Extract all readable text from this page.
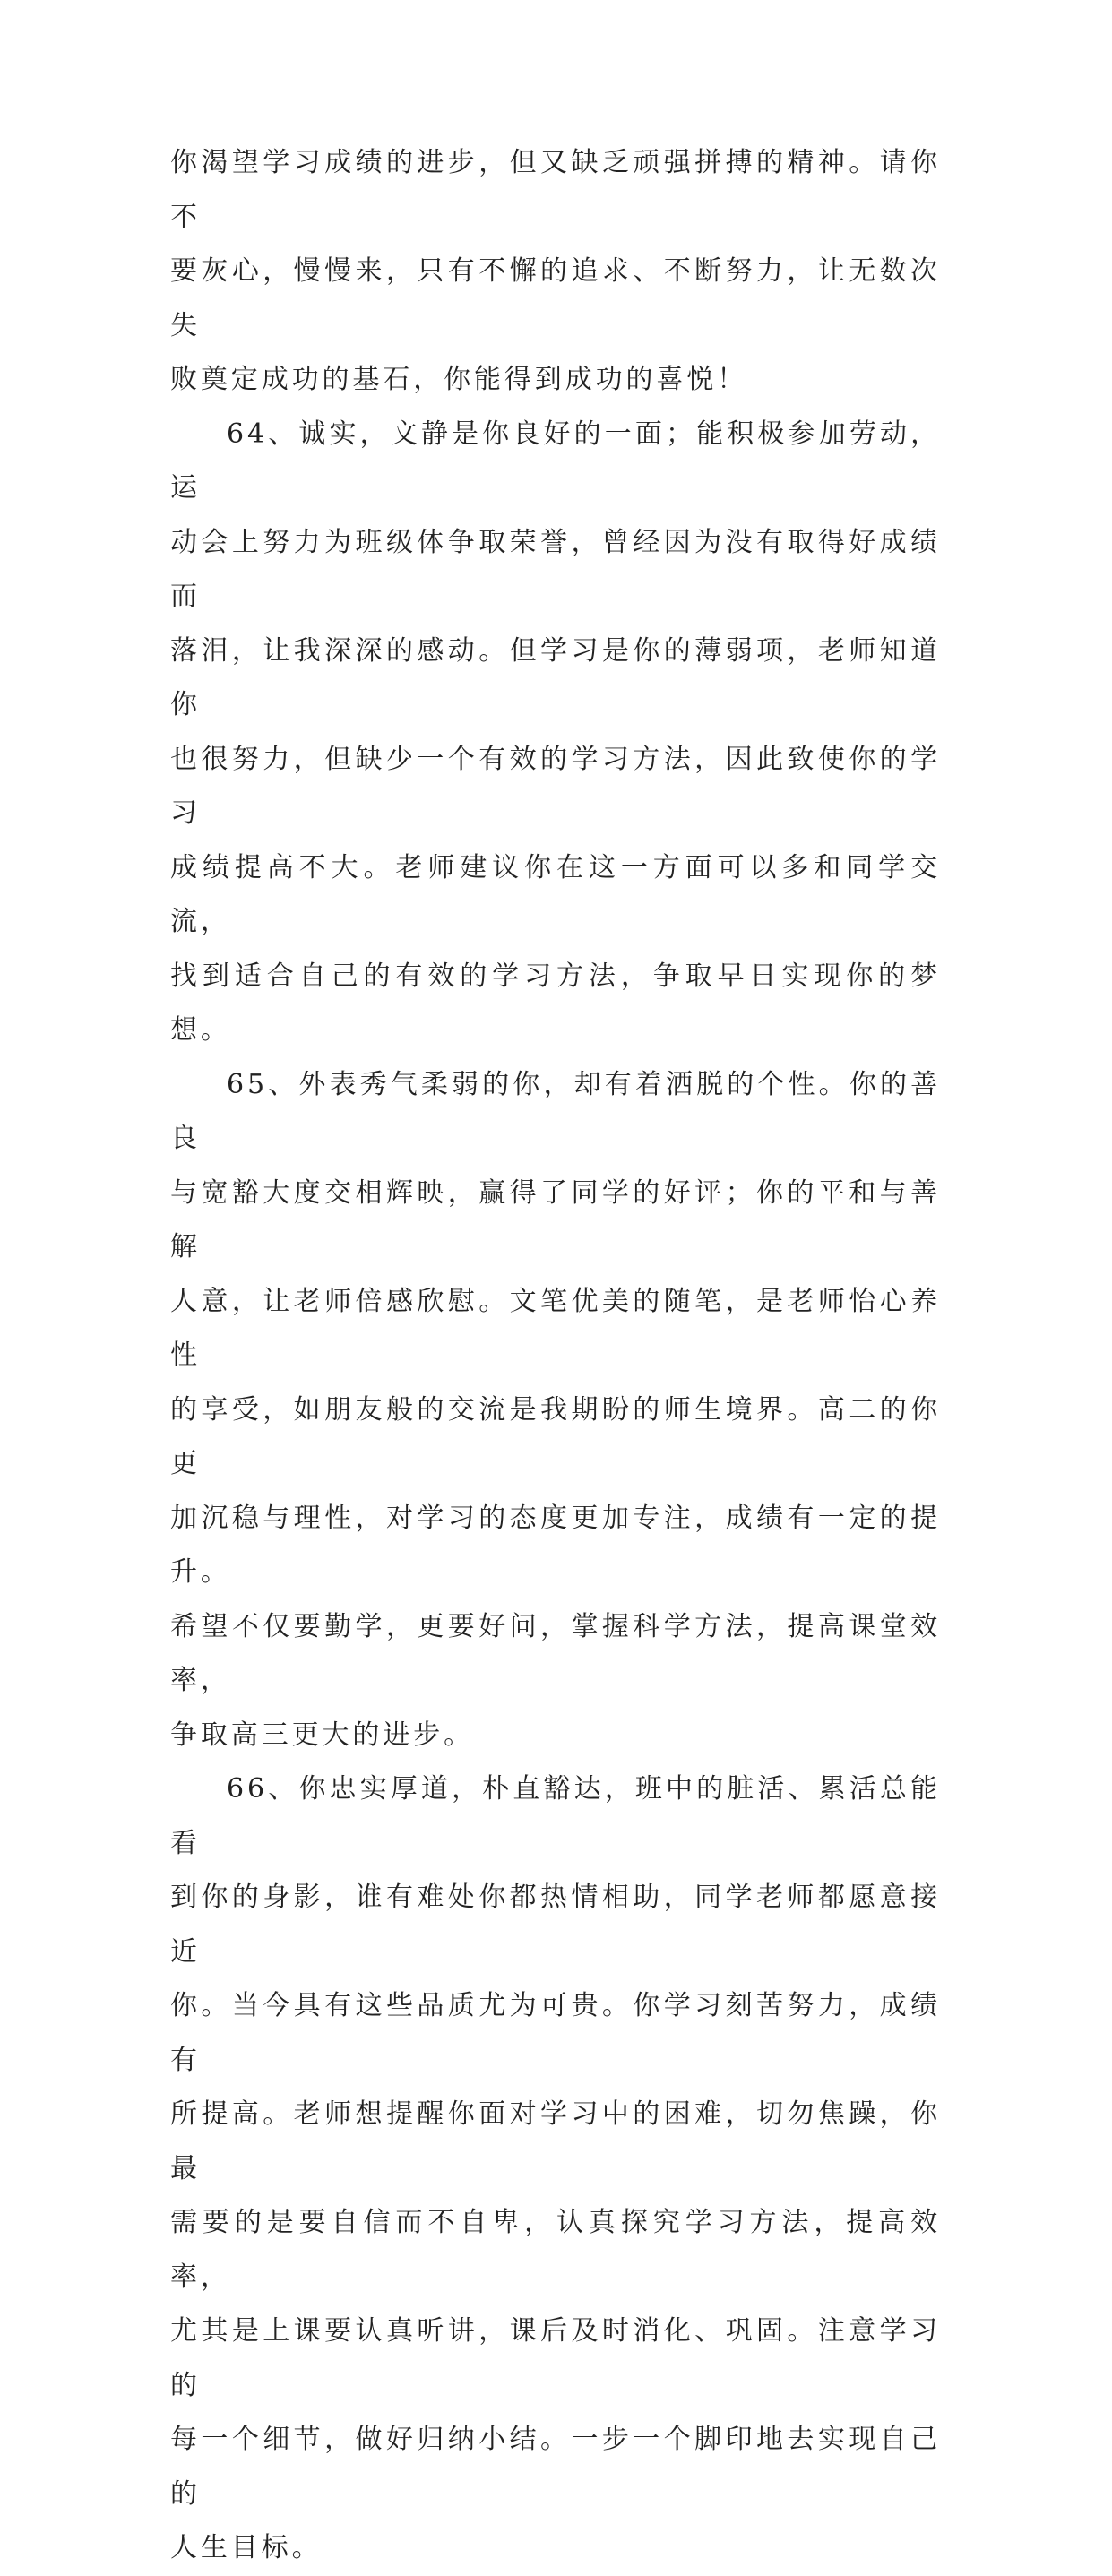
你渴望学习成绩的进步，但又缺乏顽强拼搏的精神。请你不
要灰心，慢慢来，只有不懈的追求、不断努力，让无数次失
败奠定成功的基石，你能得到成功的喜悦！

64、诚实，文静是你良好的一面；能积极参加劳动，运
动会上努力为班级体争取荣誉，曾经因为没有取得好成绩而
落泪，让我深深的感动。但学习是你的薄弱项，老师知道你
也很努力，但缺少一个有效的学习方法，因此致使你的学习
成绩提高不大。老师建议你在这一方面可以多和同学交流，
找到适合自己的有效的学习方法，争取早日实现你的梦想。

65、外表秀气柔弱的你，却有着洒脱的个性。你的善良
与宽豁大度交相辉映，赢得了同学的好评；你的平和与善解
人意，让老师倍感欣慰。文笔优美的随笔，是老师怡心养性
的享受，如朋友般的交流是我期盼的师生境界。高二的你更
加沉稳与理性，对学习的态度更加专注，成绩有一定的提升。
希望不仅要勤学，更要好问，掌握科学方法，提高课堂效率，
争取高三更大的进步。

66、你忠实厚道，朴直豁达，班中的脏活、累活总能看
到你的身影，谁有难处你都热情相助，同学老师都愿意接近
你。当今具有这些品质尤为可贵。你学习刻苦努力，成绩有
所提高。老师想提醒你面对学习中的困难，切勿焦躁，你最
需要的是要自信而不自卑，认真探究学习方法，提高效率，
尤其是上课要认真听讲，课后及时消化、巩固。注意学习的
每一个细节，做好归纳小结。一步一个脚印地去实现自己的
人生目标。
